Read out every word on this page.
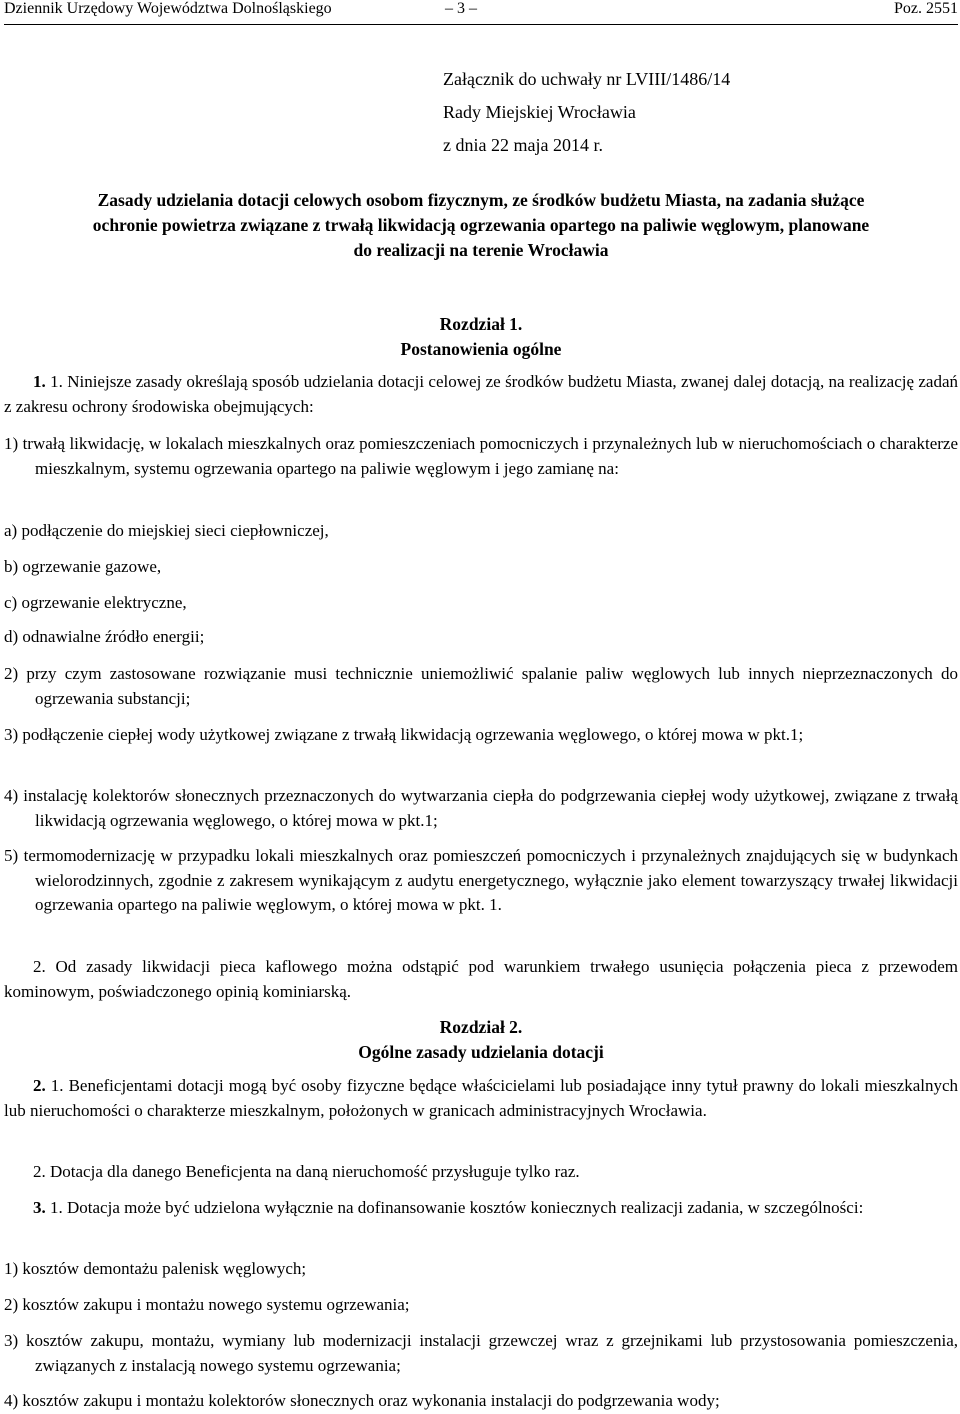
Dziennik Urzędowy Województwa Dolnośląskiego	– 3 –	Poz. 2551
Załącznik do uchwały nr LVIII/1486/14
Rady Miejskiej Wrocławia
z dnia 22 maja 2014 r.
Zasady udzielania dotacji celowych osobom fizycznym, ze środków budżetu Miasta, na zadania służące
ochronie powietrza związane z trwałą likwidacją ogrzewania opartego na paliwie węglowym, planowane
do realizacji na terenie Wrocławia
Rozdział 1.
Postanowienia ogólne
1. 1. Niniejsze zasady określają sposób udzielania dotacji celowej ze środków budżetu Miasta, zwanej dalej dotacją, na realizację zadań z zakresu ochrony środowiska obejmujących:
1) trwałą likwidację, w lokalach mieszkalnych oraz pomieszczeniach pomocniczych i przynależnych lub w nieruchomościach o charakterze mieszkalnym, systemu ogrzewania opartego na paliwie węglowym i jego zamianę na:
a) podłączenie do miejskiej sieci ciepłowniczej,
b) ogrzewanie gazowe,
c) ogrzewanie elektryczne,
d) odnawialne źródło energii;
2) przy czym zastosowane rozwiązanie musi technicznie uniemożliwić spalanie paliw węglowych lub innych nieprzeznaczonych do ogrzewania substancji;
3) podłączenie ciepłej wody użytkowej związane z trwałą likwidacją ogrzewania węglowego, o której mowa w pkt.1;
4) instalację kolektorów słonecznych przeznaczonych do wytwarzania ciepła do podgrzewania ciepłej wody użytkowej, związane z trwałą likwidacją ogrzewania węglowego, o której mowa w pkt.1;
5) termomodernizację w przypadku lokali mieszkalnych oraz pomieszczeń pomocniczych i przynależnych znajdujących się w budynkach wielorodzinnych, zgodnie z zakresem wynikającym z audytu energetycznego, wyłącznie jako element towarzyszący trwałej likwidacji ogrzewania opartego na paliwie węglowym, o której mowa w pkt. 1.
2. Od zasady likwidacji pieca kaflowego można odstąpić pod warunkiem trwałego usunięcia połączenia pieca z przewodem kominowym, poświadczonego opinią kominiarską.
Rozdział 2.
Ogólne zasady udzielania dotacji
2. 1. Beneficjentami dotacji mogą być osoby fizyczne będące właścicielami lub posiadające inny tytuł prawny do lokali mieszkalnych lub nieruchomości o charakterze mieszkalnym, położonych w granicach administracyjnych Wrocławia.
2. Dotacja dla danego Beneficjenta na daną nieruchomość przysługuje tylko raz.
3. 1. Dotacja może być udzielona wyłącznie na dofinansowanie kosztów koniecznych realizacji zadania, w szczególności:
1) kosztów demontażu palenisk węglowych;
2) kosztów zakupu i montażu nowego systemu ogrzewania;
3) kosztów zakupu, montażu, wymiany lub modernizacji instalacji grzewczej wraz z grzejnikami lub przystosowania pomieszczenia, związanych z instalacją nowego systemu ogrzewania;
4) kosztów zakupu i montażu kolektorów słonecznych oraz wykonania instalacji do podgrzewania wody;
